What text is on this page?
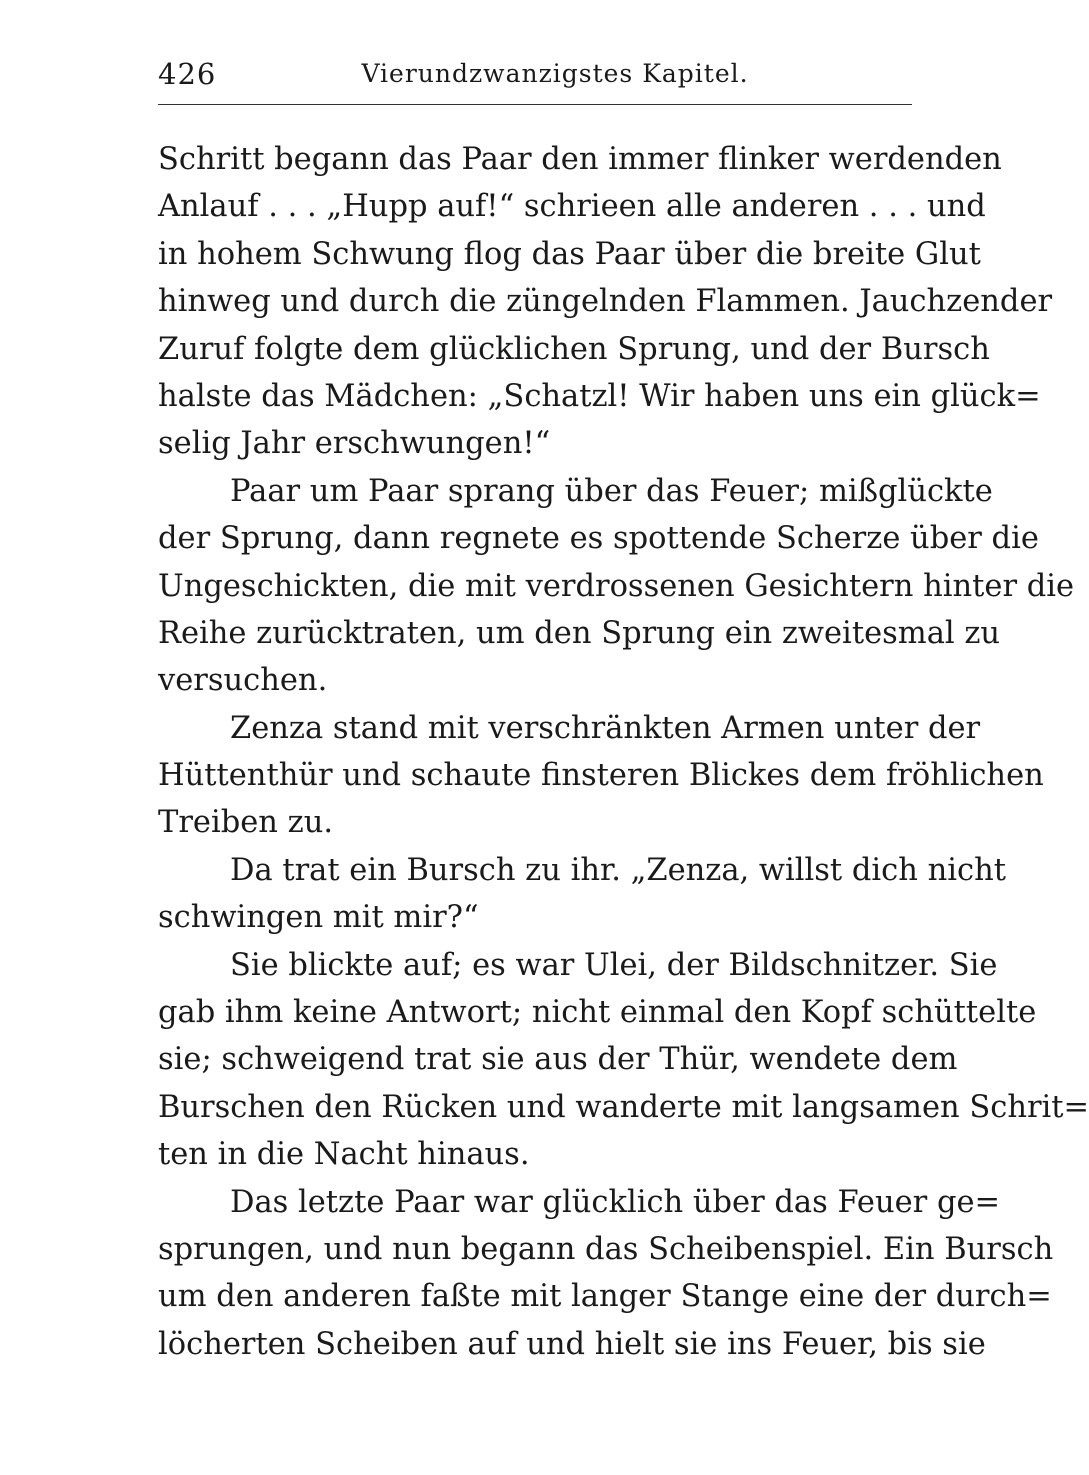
426	Vierundzwanzigstes Kapitel.
Schritt begann das Paar den immer flinker werdenden
Anlauf . . . „Hupp auf!“ schrieen alle anderen . . . und
in hohem Schwung flog das Paar über die breite Glut
hinweg und durch die züngelnden Flammen. Jauchzender
Zuruf folgte dem glücklichen Sprung, und der Bursch
halste das Mädchen: „Schatzl! Wir haben uns ein glück=
selig Jahr erschwungen!“
Paar um Paar sprang über das Feuer; mißglückte
der Sprung, dann regnete es spottende Scherze über die
Ungeschickten, die mit verdrossenen Gesichtern hinter die
Reihe zurücktraten, um den Sprung ein zweitesmal zu
versuchen.
Zenza stand mit verschränkten Armen unter der
Hüttenthür und schaute finsteren Blickes dem fröhlichen
Treiben zu.
Da trat ein Bursch zu ihr. „Zenza, willst dich nicht
schwingen mit mir?“
Sie blickte auf; es war Ulei, der Bildschnitzer. Sie
gab ihm keine Antwort; nicht einmal den Kopf schüttelte
sie; schweigend trat sie aus der Thür, wendete dem
Burschen den Rücken und wanderte mit langsamen Schrit=
ten in die Nacht hinaus.
Das letzte Paar war glücklich über das Feuer ge=
sprungen, und nun begann das Scheibenspiel. Ein Bursch
um den anderen faßte mit langer Stange eine der durch=
löcherten Scheiben auf und hielt sie ins Feuer, bis sie
